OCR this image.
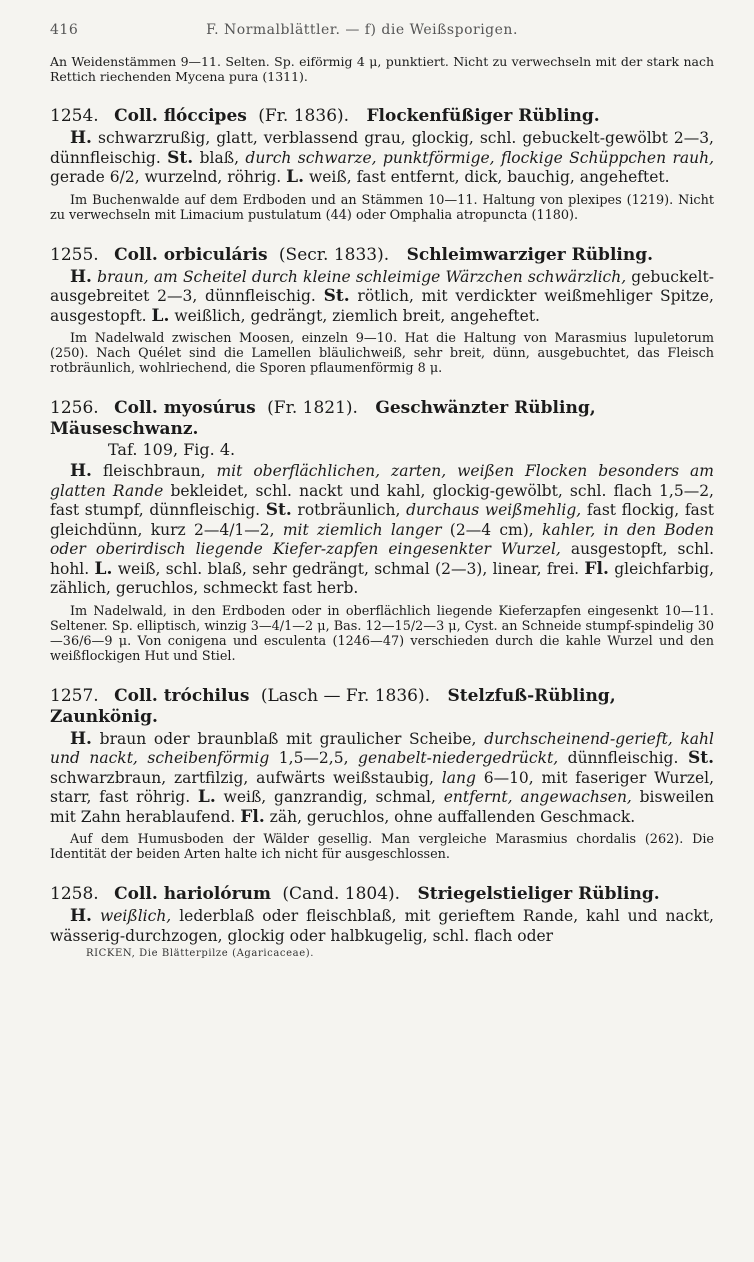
416	F. Normalblättler. — f) die Weißsporigen.

An Weidenstämmen 9—11. Selten. Sp. eiförmig 4 μ, punktiert. Nicht zu verwechseln mit der stark nach Rettich riechenden Mycena pura (1311).

1254. Coll. flóccipes (Fr. 1836). Flockenfüßiger Rübling.
H. schwarzrußig, glatt, verblassend grau, glockig, schl. gebuckelt-gewölbt 2—3, dünnfleischig. St. blaß, durch schwarze, punktförmige, flockige Schüppchen rauh, gerade 6/2, wurzelnd, röhrig. L. weiß, fast entfernt, dick, bauchig, angeheftet.
Im Buchenwalde auf dem Erdboden und an Stämmen 10—11. Haltung von plexipes (1219). Nicht zu verwechseln mit Limacium pustulatum (44) oder Omphalia atropuncta (1180).
1255. Coll. orbiculáris (Secr. 1833). Schleimwarziger Rübling.
H. braun, am Scheitel durch kleine schleimige Wärzchen schwärzlich, gebuckelt-ausgebreitet 2—3, dünnfleischig. St. rötlich, mit verdickter weißmehliger Spitze, ausgestopft. L. weißlich, gedrängt, ziemlich breit, angeheftet.
Im Nadelwald zwischen Moosen, einzeln 9—10. Hat die Haltung von Marasmius lupuletorum (250). Nach Quélet sind die Lamellen bläulichweiß, sehr breit, dünn, ausgebuchtet, das Fleisch rotbräunlich, wohlriechend, die Sporen pflaumenförmig 8 μ.
1256. Coll. myosúrus (Fr. 1821). Geschwänzter Rübling, Mäuseschwanz.
Taf. 109, Fig. 4.
H. fleischbraun, mit oberflächlichen, zarten, weißen Flocken besonders am glatten Rande bekleidet, schl. nackt und kahl, glockig-gewölbt, schl. flach 1,5—2, fast stumpf, dünnfleischig. St. rotbräunlich, durchaus weißmehlig, fast flockig, fast gleichdünn, kurz 2—4/1—2, mit ziemlich langer (2—4 cm), kahler, in den Boden oder oberirdisch liegende Kiefer-zapfen eingesenkter Wurzel, ausgestopft, schl. hohl. L. weiß, schl. blaß, sehr gedrängt, schmal (2—3), linear, frei. Fl. gleichfarbig, zählich, geruchlos, schmeckt fast herb.
Im Nadelwald, in den Erdboden oder in oberflächlich liegende Kieferzapfen eingesenkt 10—11. Seltener. Sp. elliptisch, winzig 3—4/1—2 μ, Bas. 12—15/2—3 μ, Cyst. an Schneide stumpf-spindelig 30—36/6—9 μ. Von conigena und esculenta (1246—47) verschieden durch die kahle Wurzel und den weißflockigen Hut und Stiel.
1257. Coll. tróchilus (Lasch — Fr. 1836). Stelzfuß-Rübling, Zaunkönig.
H. braun oder braunblaß mit graulicher Scheibe, durchscheinend-gerieft, kahl und nackt, scheibenförmig 1,5—2,5, genabelt-niedergedrückt, dünnfleischig. St. schwarzbraun, zartfilzig, aufwärts weißstaubig, lang 6—10, mit faseriger Wurzel, starr, fast röhrig. L. weiß, ganzrandig, schmal, entfernt, angewachsen, bisweilen mit Zahn herablaufend. Fl. zäh, geruchlos, ohne auffallenden Geschmack.
Auf dem Humusboden der Wälder gesellig. Man vergleiche Marasmius chordalis (262). Die Identität der beiden Arten halte ich nicht für ausgeschlossen.
1258. Coll. hariolórum (Cand. 1804). Striegelstieliger Rübling.
H. weißlich, lederblaß oder fleischblaß, mit gerieftem Rande, kahl und nackt, wässerig-durchzogen, glockig oder halbkugelig, schl. flach oder
RICKEN, Die Blätterpilze (Agaricaceae).
